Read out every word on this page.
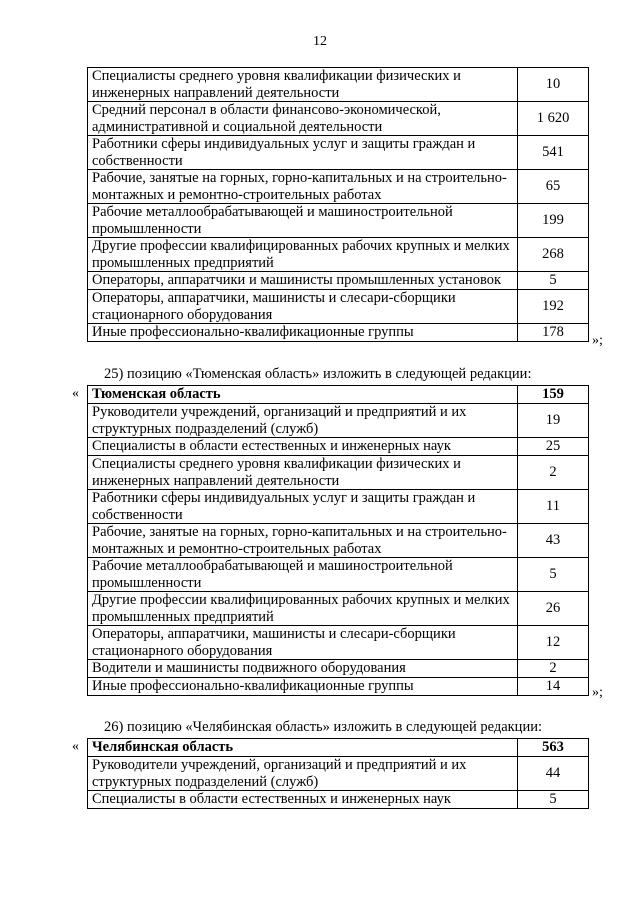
12
Специалисты среднего уровня квалификации физических и инженерных направлений деятельности	10
Средний персонал в области финансово-экономической, административной и социальной деятельности	1 620
Работники сферы индивидуальных услуг и защиты граждан и собственности	541
Рабочие, занятые на горных, горно-капитальных и на строительно-монтажных и ремонтно-строительных работах	65
Рабочие металлообрабатывающей и машиностроительной промышленности	199
Другие профессии квалифицированных рабочих крупных и мелких промышленных предприятий	268
Операторы, аппаратчики и машинисты промышленных установок	5
Операторы, аппаратчики, машинисты и слесари-сборщики стационарного оборудования	192
Иные профессионально-квалификационные группы	178
»;
25) позицию «Тюменская область» изложить в следующей редакции:
« Тюменская область	159
Руководители учреждений, организаций и предприятий и их структурных подразделений (служб)	19
Специалисты в области естественных и инженерных наук	25
Специалисты среднего уровня квалификации физических и инженерных направлений деятельности	2
Работники сферы индивидуальных услуг и защиты граждан и собственности	11
Рабочие, занятые на горных, горно-капитальных и на строительно-монтажных и ремонтно-строительных работах	43
Рабочие металлообрабатывающей и машиностроительной промышленности	5
Другие профессии квалифицированных рабочих крупных и мелких промышленных предприятий	26
Операторы, аппаратчики, машинисты и слесари-сборщики стационарного оборудования	12
Водители и машинисты подвижного оборудования	2
Иные профессионально-квалификационные группы	14 »;
26) позицию «Челябинская область» изложить в следующей редакции:
« Челябинская область	563
Руководители учреждений, организаций и предприятий и их структурных подразделений (служб)	44
Специалисты в области естественных и инженерных наук	5
